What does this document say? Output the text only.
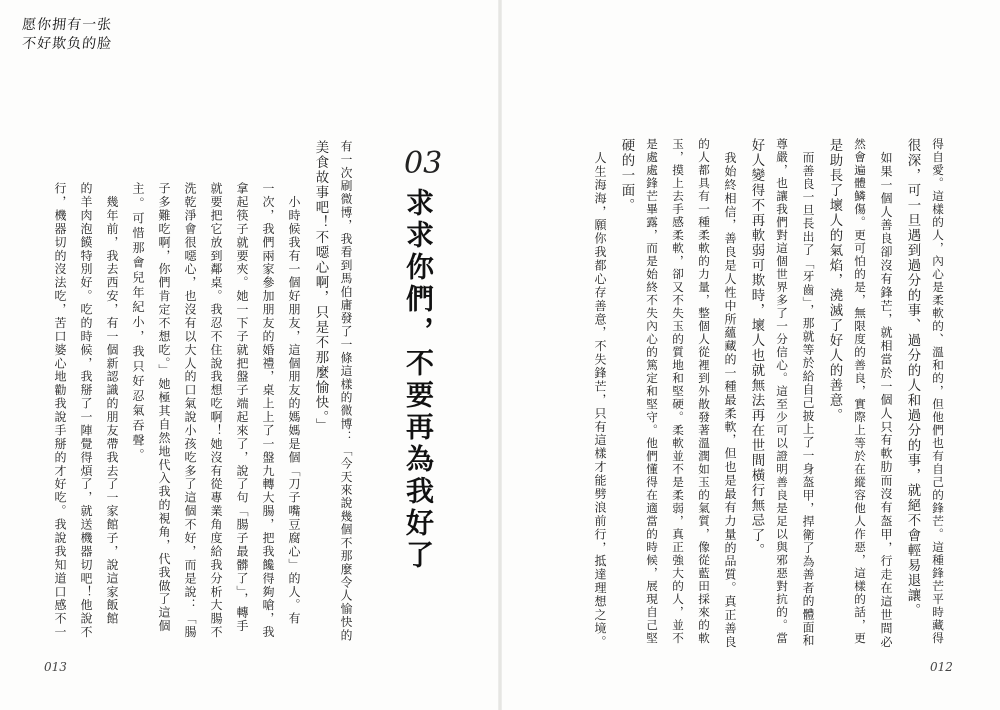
愿你拥有一张
不好欺负的脸
得自愛。這樣的人，內心是柔軟的、溫和的，但他們也有自己的鋒芒。這種鋒芒平時藏得
很深，可一旦遇到過分的事、過分的人和過分的事，就絕不會輕易退讓。
　如果一個人善良卻沒有鋒芒，就相當於一個人只有軟肋而沒有盔甲，行走在這世間必
然會遍體鱗傷。更可怕的是，無限度的善良，實際上等於在縱容他人作惡，這樣的話，更
是助長了壞人的氣焰，澆滅了好人的善意。
　而善良一旦長出了「牙齒」，那就等於給自己披上了一身盔甲，捍衛了為善者的體面和
尊嚴，也讓我們對這個世界多了一分信心。這至少可以證明善良是足以與邪惡對抗的。當
好人變得不再軟弱可欺時，壞人也就無法再在世間橫行無忌了。
　我始終相信，善良是人性中所蘊藏的一種最柔軟，但也是最有力量的品質。真正善良
的人都具有一種柔軟的力量，整個人從裡到外散發著溫潤如玉的氣質，像從藍田採來的軟
玉，摸上去手感柔軟，卻又不失玉的質地和堅硬。柔軟並不是柔弱，真正強大的人，並不
是處處鋒芒畢露，而是始終不失內心的篤定和堅守。他們懂得在適當的時候，展現自己堅
硬的一面。
　人生海海，願你我都心存善意，不失鋒芒，只有這樣才能劈浪前行，抵達理想之境。
03
求求你們，不要再為我好了
有一次刷微博，我看到馬伯庸發了一條這樣的微博：「今天來說幾個不那麼令人愉快的
美食故事吧！不噁心啊，只是不那麼愉快。」
　小時候我有一個好朋友，這個朋友的媽媽是個「刀子嘴豆腐心」的人。有
一次，我們兩家參加朋友的婚禮，桌上上了一盤九轉大腸，把我饞得夠嗆，我
拿起筷子就要夾。她一下子就把盤子端起來了，說了句「腸子最髒了」，轉手
就要把它放到鄰桌。我忍不住說我想吃啊！她沒有從專業角度給我分析大腸不
洗乾淨會很噁心，也沒有以大人的口氣說小孩吃多了這個不好，而是說：「腸
子多難吃啊，你們肯定不想吃。」她極其自然地代入我的視角，代我做了這個
主。可惜那會兒年紀小，我只好忍氣吞聲。
　幾年前，我去西安，有一個新認識的朋友帶我去了一家館子，說這家飯館
的羊肉泡饃特別好。吃的時候，我掰了一陣覺得煩了，就送機器切吧！他說不
行，機器切的沒法吃，苦口婆心地勸我說手掰的才好吃。我說我知道口感不一
013	012
